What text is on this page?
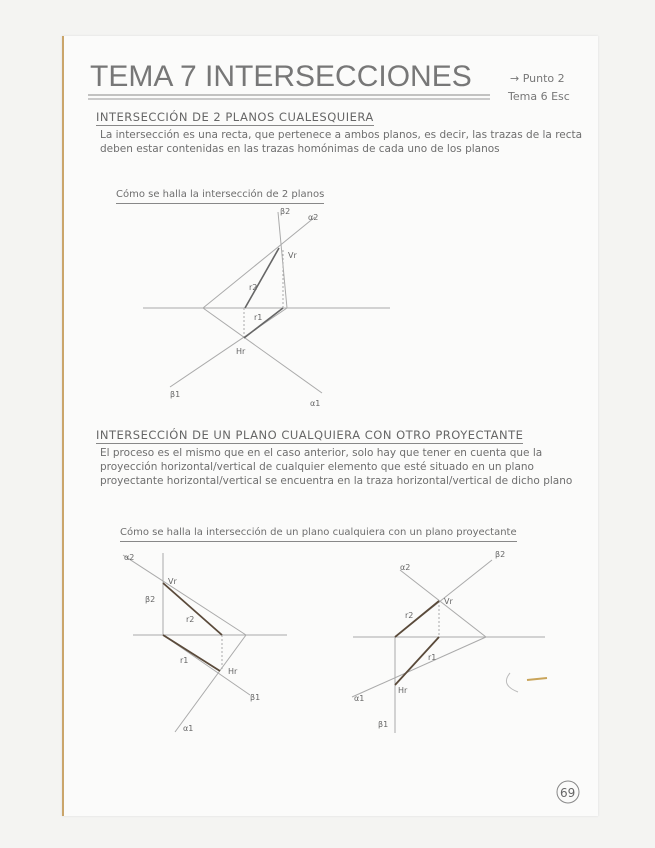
TEMA 7 INTERSECCIONES	→ Punto 2
Tema 6 Esc
INTERSECCIÓN DE 2 PLANOS CUALESQUIERA
La intersección es una recta, que pertenece a ambos planos, es decir, las trazas de la recta deben estar contenidas en las trazas homónimas de cada uno de los planos
Cómo se halla la intersección de 2 planos
INTERSECCIÓN DE UN PLANO CUALQUIERA CON OTRO PROYECTANTE
El proceso es el mismo que en el caso anterior, solo hay que tener en cuenta que la proyección horizontal/vertical de cualquier elemento que esté situado en un plano proyectante horizontal/vertical se encuentra en la traza horizontal/vertical de dicho plano
Cómo se halla la intersección de un plano cualquiera con un plano proyectante
β2
α2
Vr
r2
r1
Hr
β1
α1
α2
Vr
β2
r2
r1
Hr
β1
α1
α2
β2
Vr
r2
r1
Hr
α1
β1
69
